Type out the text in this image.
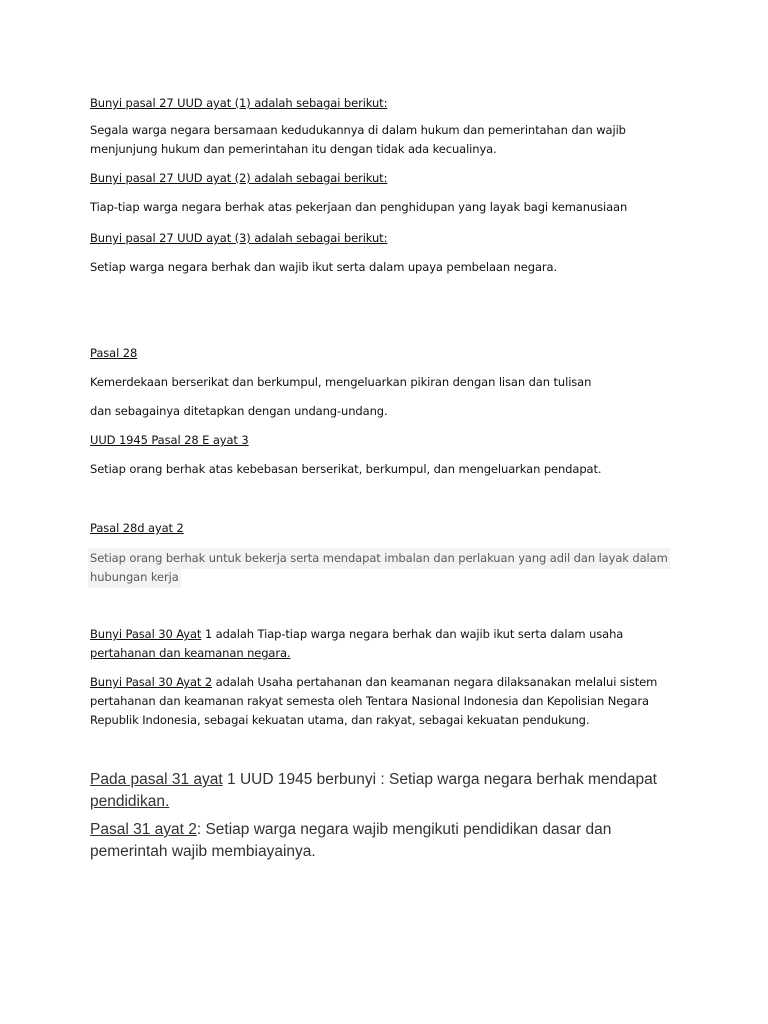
Bunyi pasal 27 UUD ayat (1) adalah sebagai berikut:

Segala warga negara bersamaan kedudukannya di dalam hukum dan pemerintahan dan wajib

menjunjung hukum dan pemerintahan itu dengan tidak ada kecualinya.

Bunyi pasal 27 UUD ayat (2) adalah sebagai berikut:

Tiap-tiap warga negara berhak atas pekerjaan dan penghidupan yang layak bagi kemanusiaan

Bunyi pasal 27 UUD ayat (3) adalah sebagai berikut:

Setiap warga negara berhak dan wajib ikut serta dalam upaya pembelaan negara.

Pasal 28

Kemerdekaan berserikat dan berkumpul, mengeluarkan pikiran dengan lisan dan tulisan

dan sebagainya ditetapkan dengan undang-undang.

UUD 1945 Pasal 28 E ayat 3

Setiap orang berhak atas kebebasan berserikat, berkumpul, dan mengeluarkan pendapat.

Pasal 28d ayat 2

Setiap orang berhak untuk bekerja serta mendapat imbalan dan perlakuan yang adil dan layak dalam

hubungan kerja

Bunyi Pasal 30 Ayat 1 adalah Tiap-tiap warga negara berhak dan wajib ikut serta dalam usaha

pertahanan dan keamanan negara.

Bunyi Pasal 30 Ayat 2 adalah Usaha pertahanan dan keamanan negara dilaksanakan melalui sistem

pertahanan dan keamanan rakyat semesta oleh Tentara Nasional Indonesia dan Kepolisian Negara

Republik Indonesia, sebagai kekuatan utama, dan rakyat, sebagai kekuatan pendukung.

Pada pasal 31 ayat 1 UUD 1945 berbunyi : Setiap warga negara berhak mendapat

pendidikan.

Pasal 31 ayat 2: Setiap warga negara wajib mengikuti pendidikan dasar dan

pemerintah wajib membiayainya.
